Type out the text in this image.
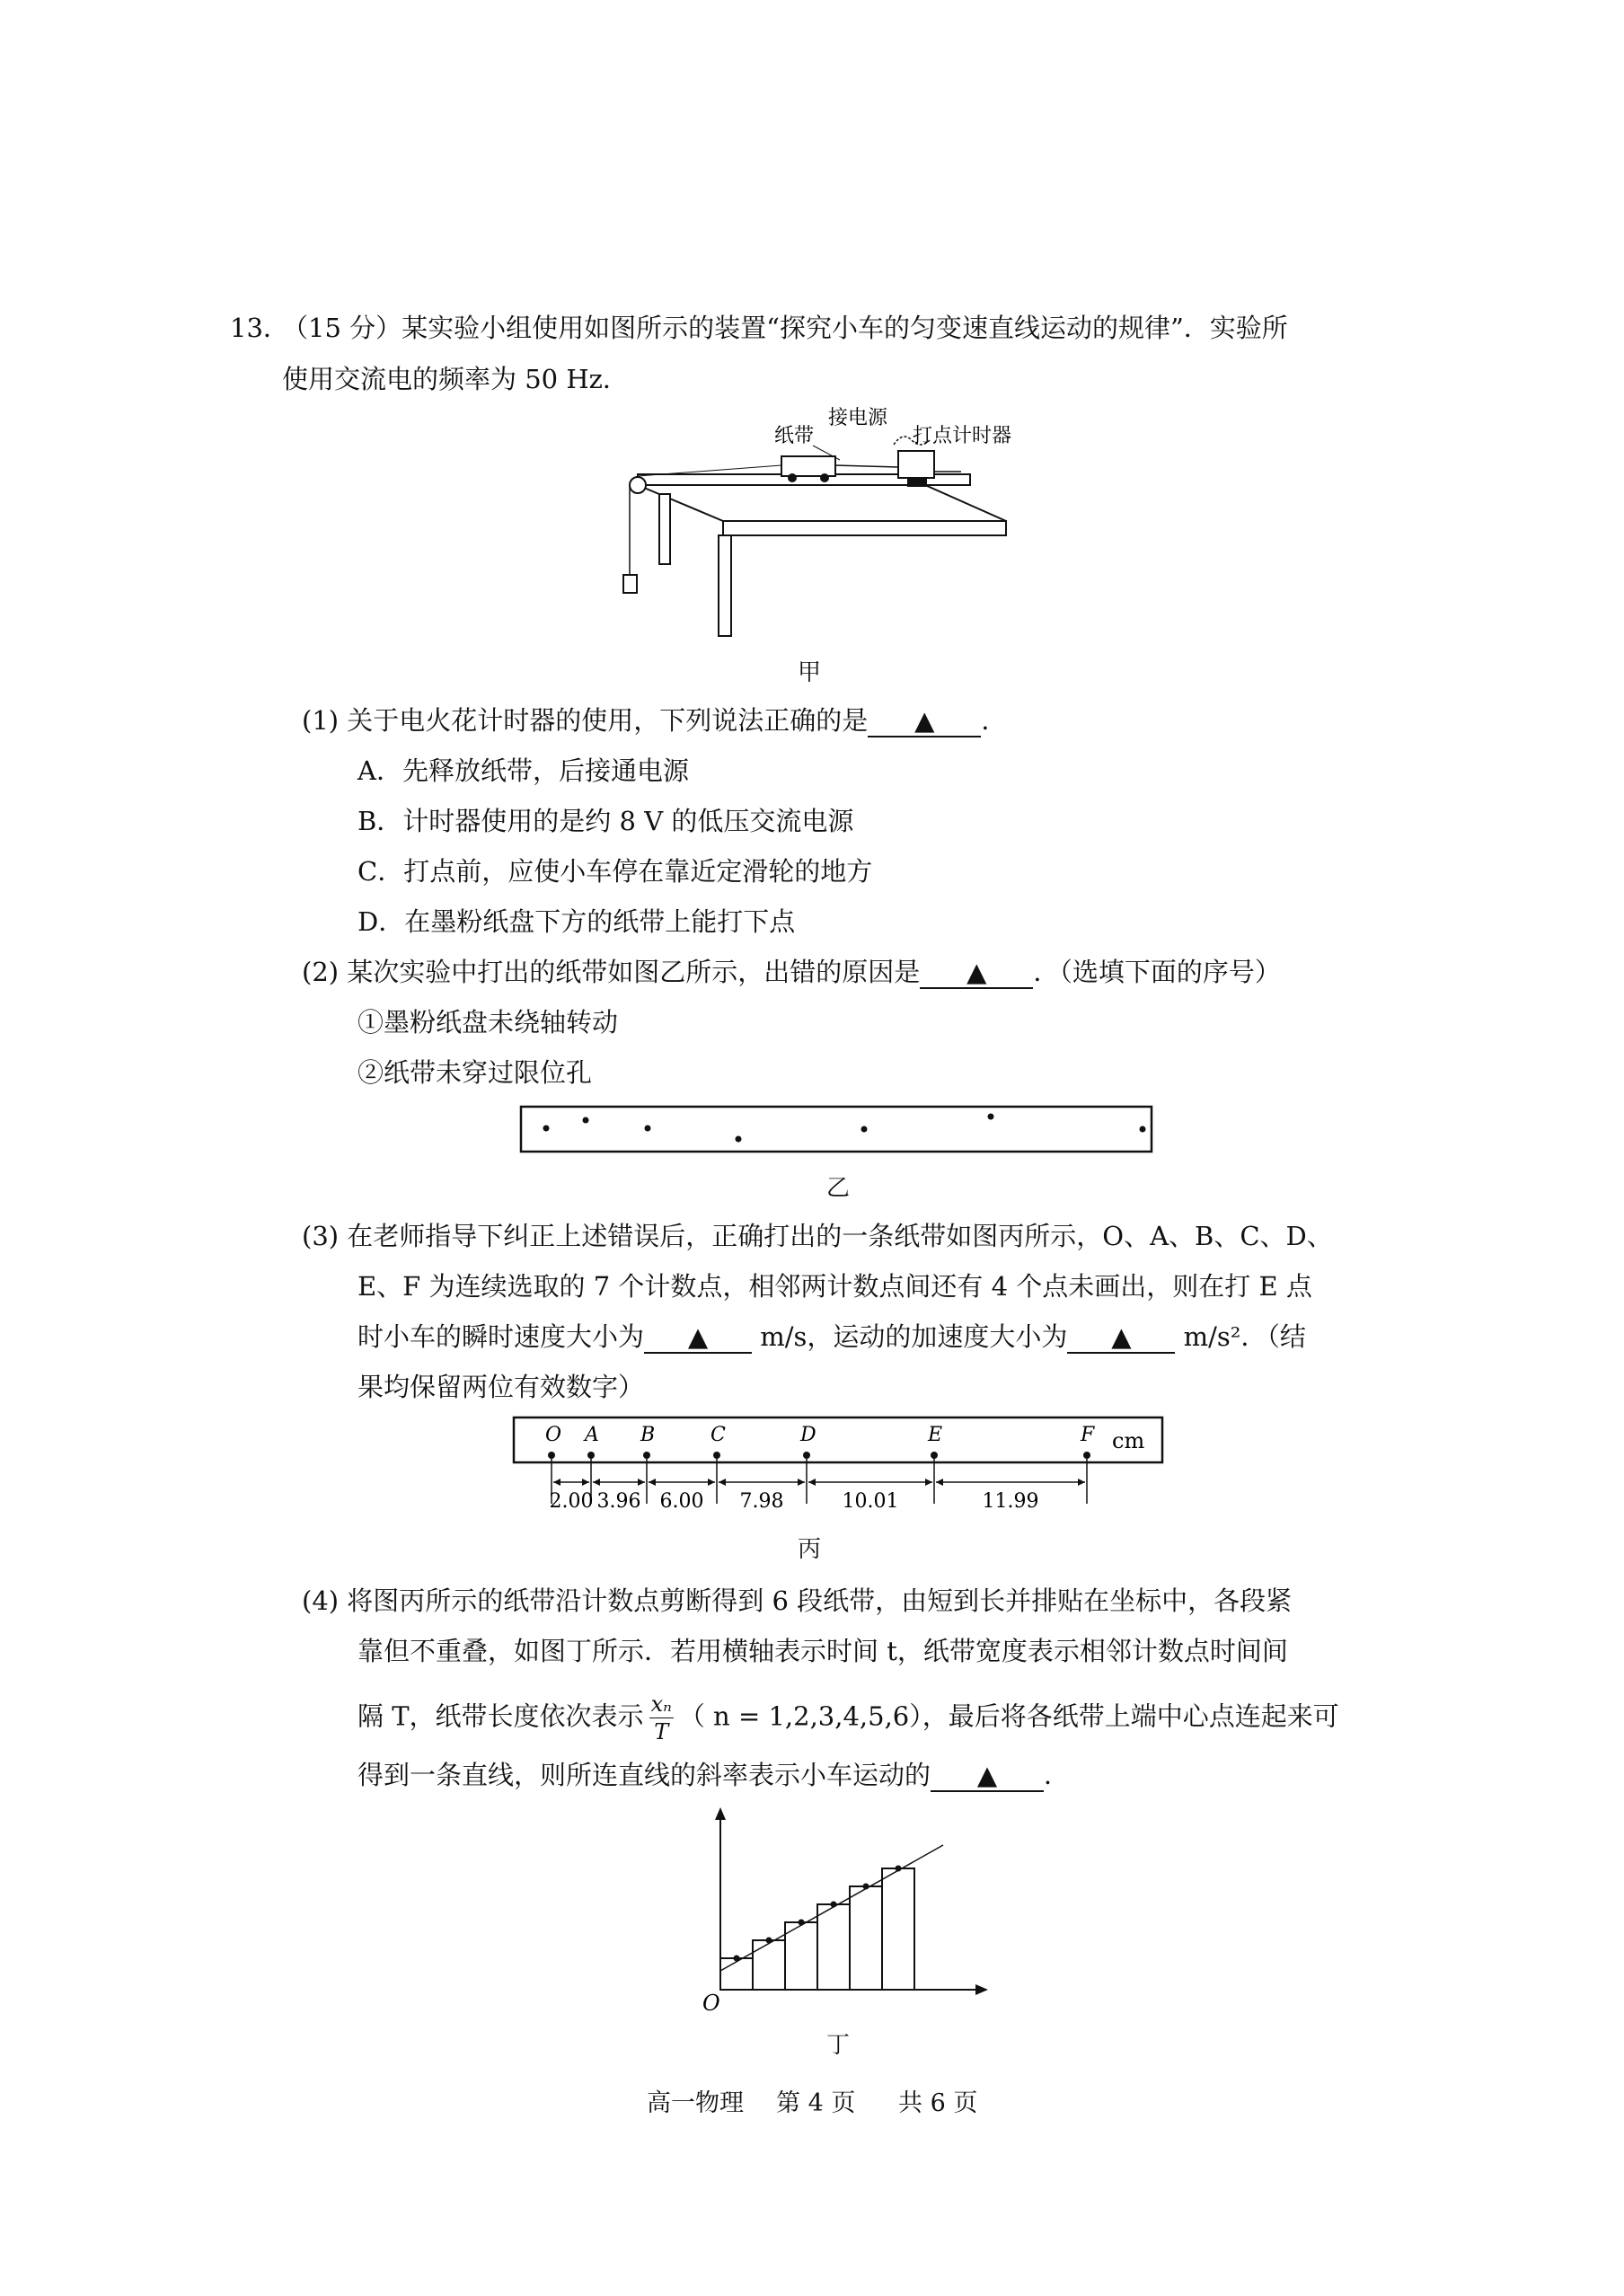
13．
（15 分）某实验小组使用如图所示的装置“探究小车的匀变速直线运动的规律”．实验所
使用交流电的频率为 50 Hz．
纸带
接电源
打点计时器
甲
(1) 关于电火花计时器的使用，下列说法正确的是 ▲ ．
A．先释放纸带，后接通电源
B．计时器使用的是约 8 V 的低压交流电源
C．打点前，应使小车停在靠近定滑轮的地方
D．在墨粉纸盘下方的纸带上能打下点
(2) 某次实验中打出的纸带如图乙所示，出错的原因是 ▲ ．（选填下面的序号）
①墨粉纸盘未绕轴转动
②纸带未穿过限位孔
乙
(3) 在老师指导下纠正上述错误后，正确打出的一条纸带如图丙所示，O、A、B、C、D、
E、F 为连续选取的 7 个计数点，相邻两计数点间还有 4 个点未画出，则在打 E 点
时小车的瞬时速度大小为 ▲ m/s，运动的加速度大小为 ▲ m/s²．（结
果均保留两位有效数字）
cm
O A B	C	D	E	F
2.00 3.96 6.00 7.98	10.01	11.99
丙
(4) 将图丙所示的纸带沿计数点剪断得到 6 段纸带，由短到长并排贴在坐标中，各段紧
靠但不重叠，如图丁所示．若用横轴表示时间 t，纸带宽度表示相邻计数点时间间
隔 T，纸带长度依次表示 $\frac{\text{xₙ}}{T}$ （ n = 1,2,3,4,5,6），最后将各纸带上端中心点连起来可
得到一条直线，则所连直线的斜率表示小车运动的 ▲ ．
O
丁
高一物理 第 4 页 共 6 页
